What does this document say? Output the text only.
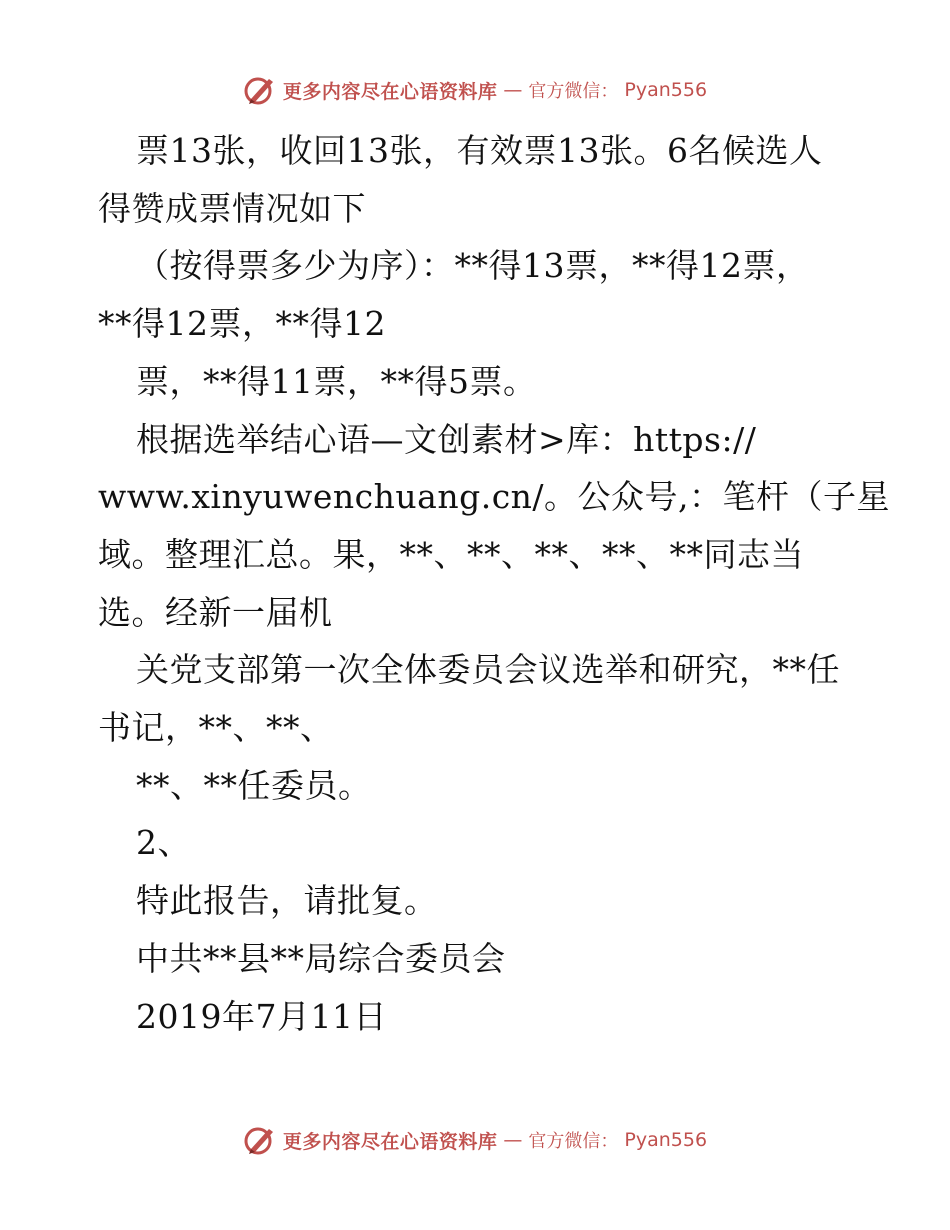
更多内容尽在心语资料库 — 官方微信： Pyan556
票13张，收回13张，有效票13张。6名候选人
得赞成票情况如下
（按得票多少为序）：**得13票，**得12票，
**得12票，**得12
票，**得11票，**得5票。
根据选举结心语—文创素材>库：https://
www.xinyuwenchuang.cn/。公众号,：笔杆（子星
域。整理汇总。果，**、**、**、**、**同志当
选。经新一届机
关党支部第一次全体委员会议选举和研究，**任
书记，**、**、
**、**任委员。
2、
特此报告，请批复。
中共**县**局综合委员会
2019年7月11日
更多内容尽在心语资料库 — 官方微信： Pyan556
